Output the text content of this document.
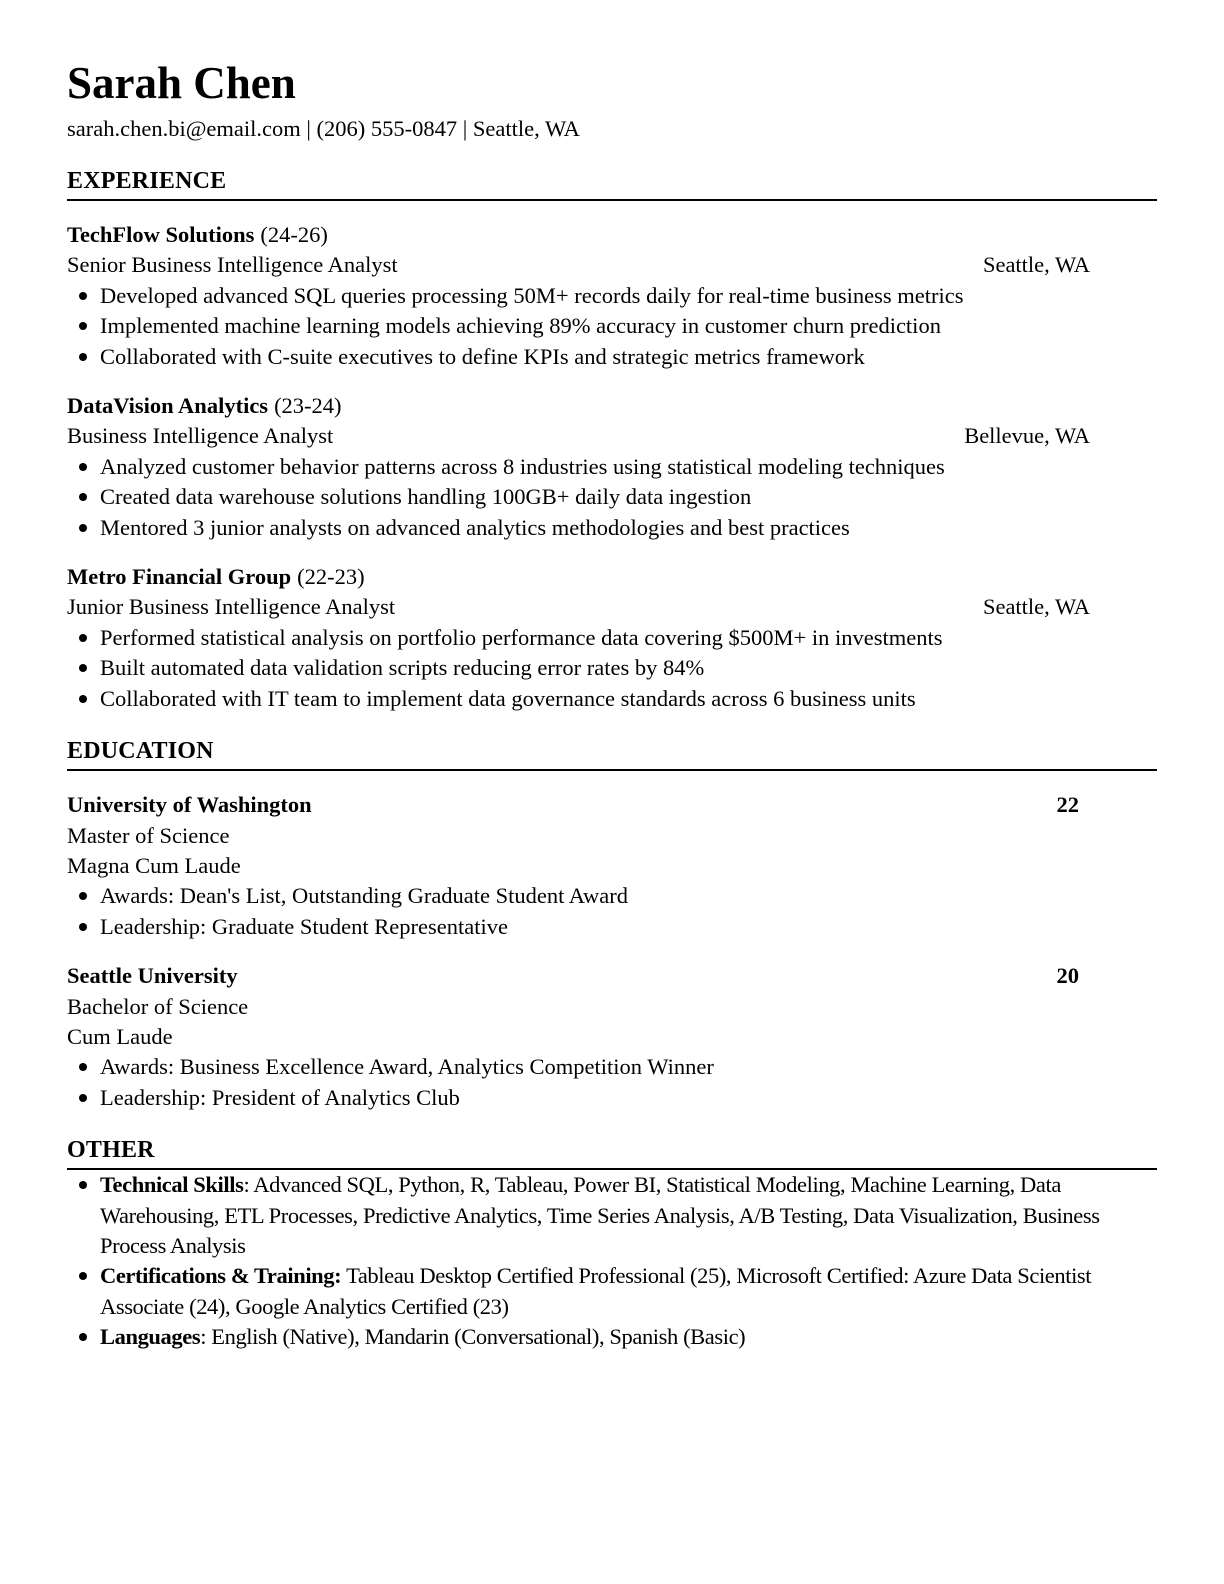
Sarah Chen
sarah.chen.bi@email.com | (206) 555-0847 | Seattle, WA
EXPERIENCE
TechFlow Solutions (24-26)
Senior Business Intelligence Analyst	Seattle, WA
Developed advanced SQL queries processing 50M+ records daily for real-time business metrics
Implemented machine learning models achieving 89% accuracy in customer churn prediction
Collaborated with C-suite executives to define KPIs and strategic metrics framework
DataVision Analytics (23-24)
Business Intelligence Analyst	Bellevue, WA
Analyzed customer behavior patterns across 8 industries using statistical modeling techniques
Created data warehouse solutions handling 100GB+ daily data ingestion
Mentored 3 junior analysts on advanced analytics methodologies and best practices
Metro Financial Group (22-23)
Junior Business Intelligence Analyst	Seattle, WA
Performed statistical analysis on portfolio performance data covering $500M+ in investments
Built automated data validation scripts reducing error rates by 84%
Collaborated with IT team to implement data governance standards across 6 business units
EDUCATION
University of Washington	22
Master of Science
Magna Cum Laude
Awards: Dean's List, Outstanding Graduate Student Award
Leadership: Graduate Student Representative
Seattle University	20
Bachelor of Science
Cum Laude
Awards: Business Excellence Award, Analytics Competition Winner
Leadership: President of Analytics Club
OTHER
Technical Skills: Advanced SQL, Python, R, Tableau, Power BI, Statistical Modeling, Machine Learning, Data Warehousing, ETL Processes, Predictive Analytics, Time Series Analysis, A/B Testing, Data Visualization, Business Process Analysis
Certifications & Training: Tableau Desktop Certified Professional (25), Microsoft Certified: Azure Data Scientist Associate (24), Google Analytics Certified (23)
Languages: English (Native), Mandarin (Conversational), Spanish (Basic)
